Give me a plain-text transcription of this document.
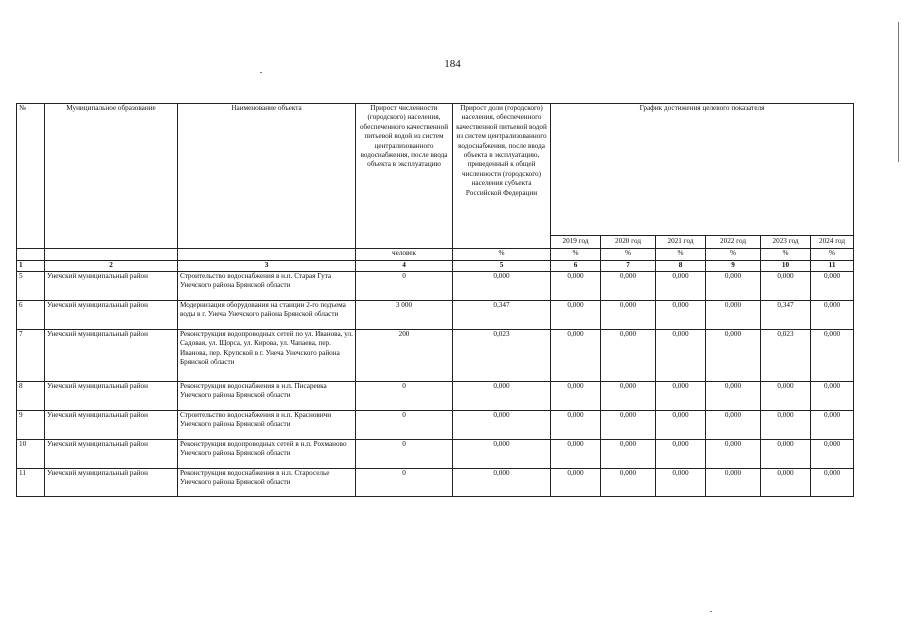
184
№	Муниципальное образование	Наименование объекта	Прирост численности (городского) населения, обеспеченного качественной питьевой водой из систем централизованного водоснабжения, после ввода объекта в эксплуатацию	Прирост доли (городского) населения, обеспеченного качественной питьевой водой из систем централизованного водоснабжения, после ввода объекта в эксплуатацию, приведенный к общей численности (городского) населения субъекта Российской Федерации	График достижения целевого показателя					
					2019 год	2020 год	2021 год	2022 год	2023 год	2024 год
			человек	%	%	%	%	%	%	%
1	2	3	4	5	6	7	8	9	10	11
5	Унечский муниципальный район	Строительство водоснабжения в н.п. Старая Гута Унечского района Брянской области	0	0,000	0,000	0,000	0,000	0,000	0,000	0,000
6	Унечский муниципальный район	Модернизация оборудования на станции 2-го подъема воды в г. Унеча Унечского района Брянской области	3 000	0,347	0,000	0,000	0,000	0,000	0,347	0,000
7	Унечский муниципальный район	Реконструкция водопроводных сетей по ул. Иванова, ул. Садовая, ул. Щорса, ул. Кирова, ул. Чапаева, пер. Иванова, пер. Крупской в г. Унеча Унечского района Брянской области	200	0,023	0,000	0,000	0,000	0,000	0,023	0,000
8	Унечский муниципальный район	Реконструкция водоснабжения в н.п. Писаревка Унечского района Брянской области	0	0,000	0,000	0,000	0,000	0,000	0,000	0,000
9	Унечский муниципальный район	Строительство водоснабжения в н.п. Красновичи Унечского района Брянской области	0	0,000	0,000	0,000	0,000	0,000	0,000	0,000
10	Унечский муниципальный район	Реконструкция водопроводных сетей в н.п. Рохманово Унечского района Брянской области	0	0,000	0,000	0,000	0,000	0,000	0,000	0,000
11	Унечский муниципальный район	Реконструкция водоснабжения в н.п. Старосельe Унечского района Брянской области	0	0,000	0,000	0,000	0,000	0,000	0,000	0,000
